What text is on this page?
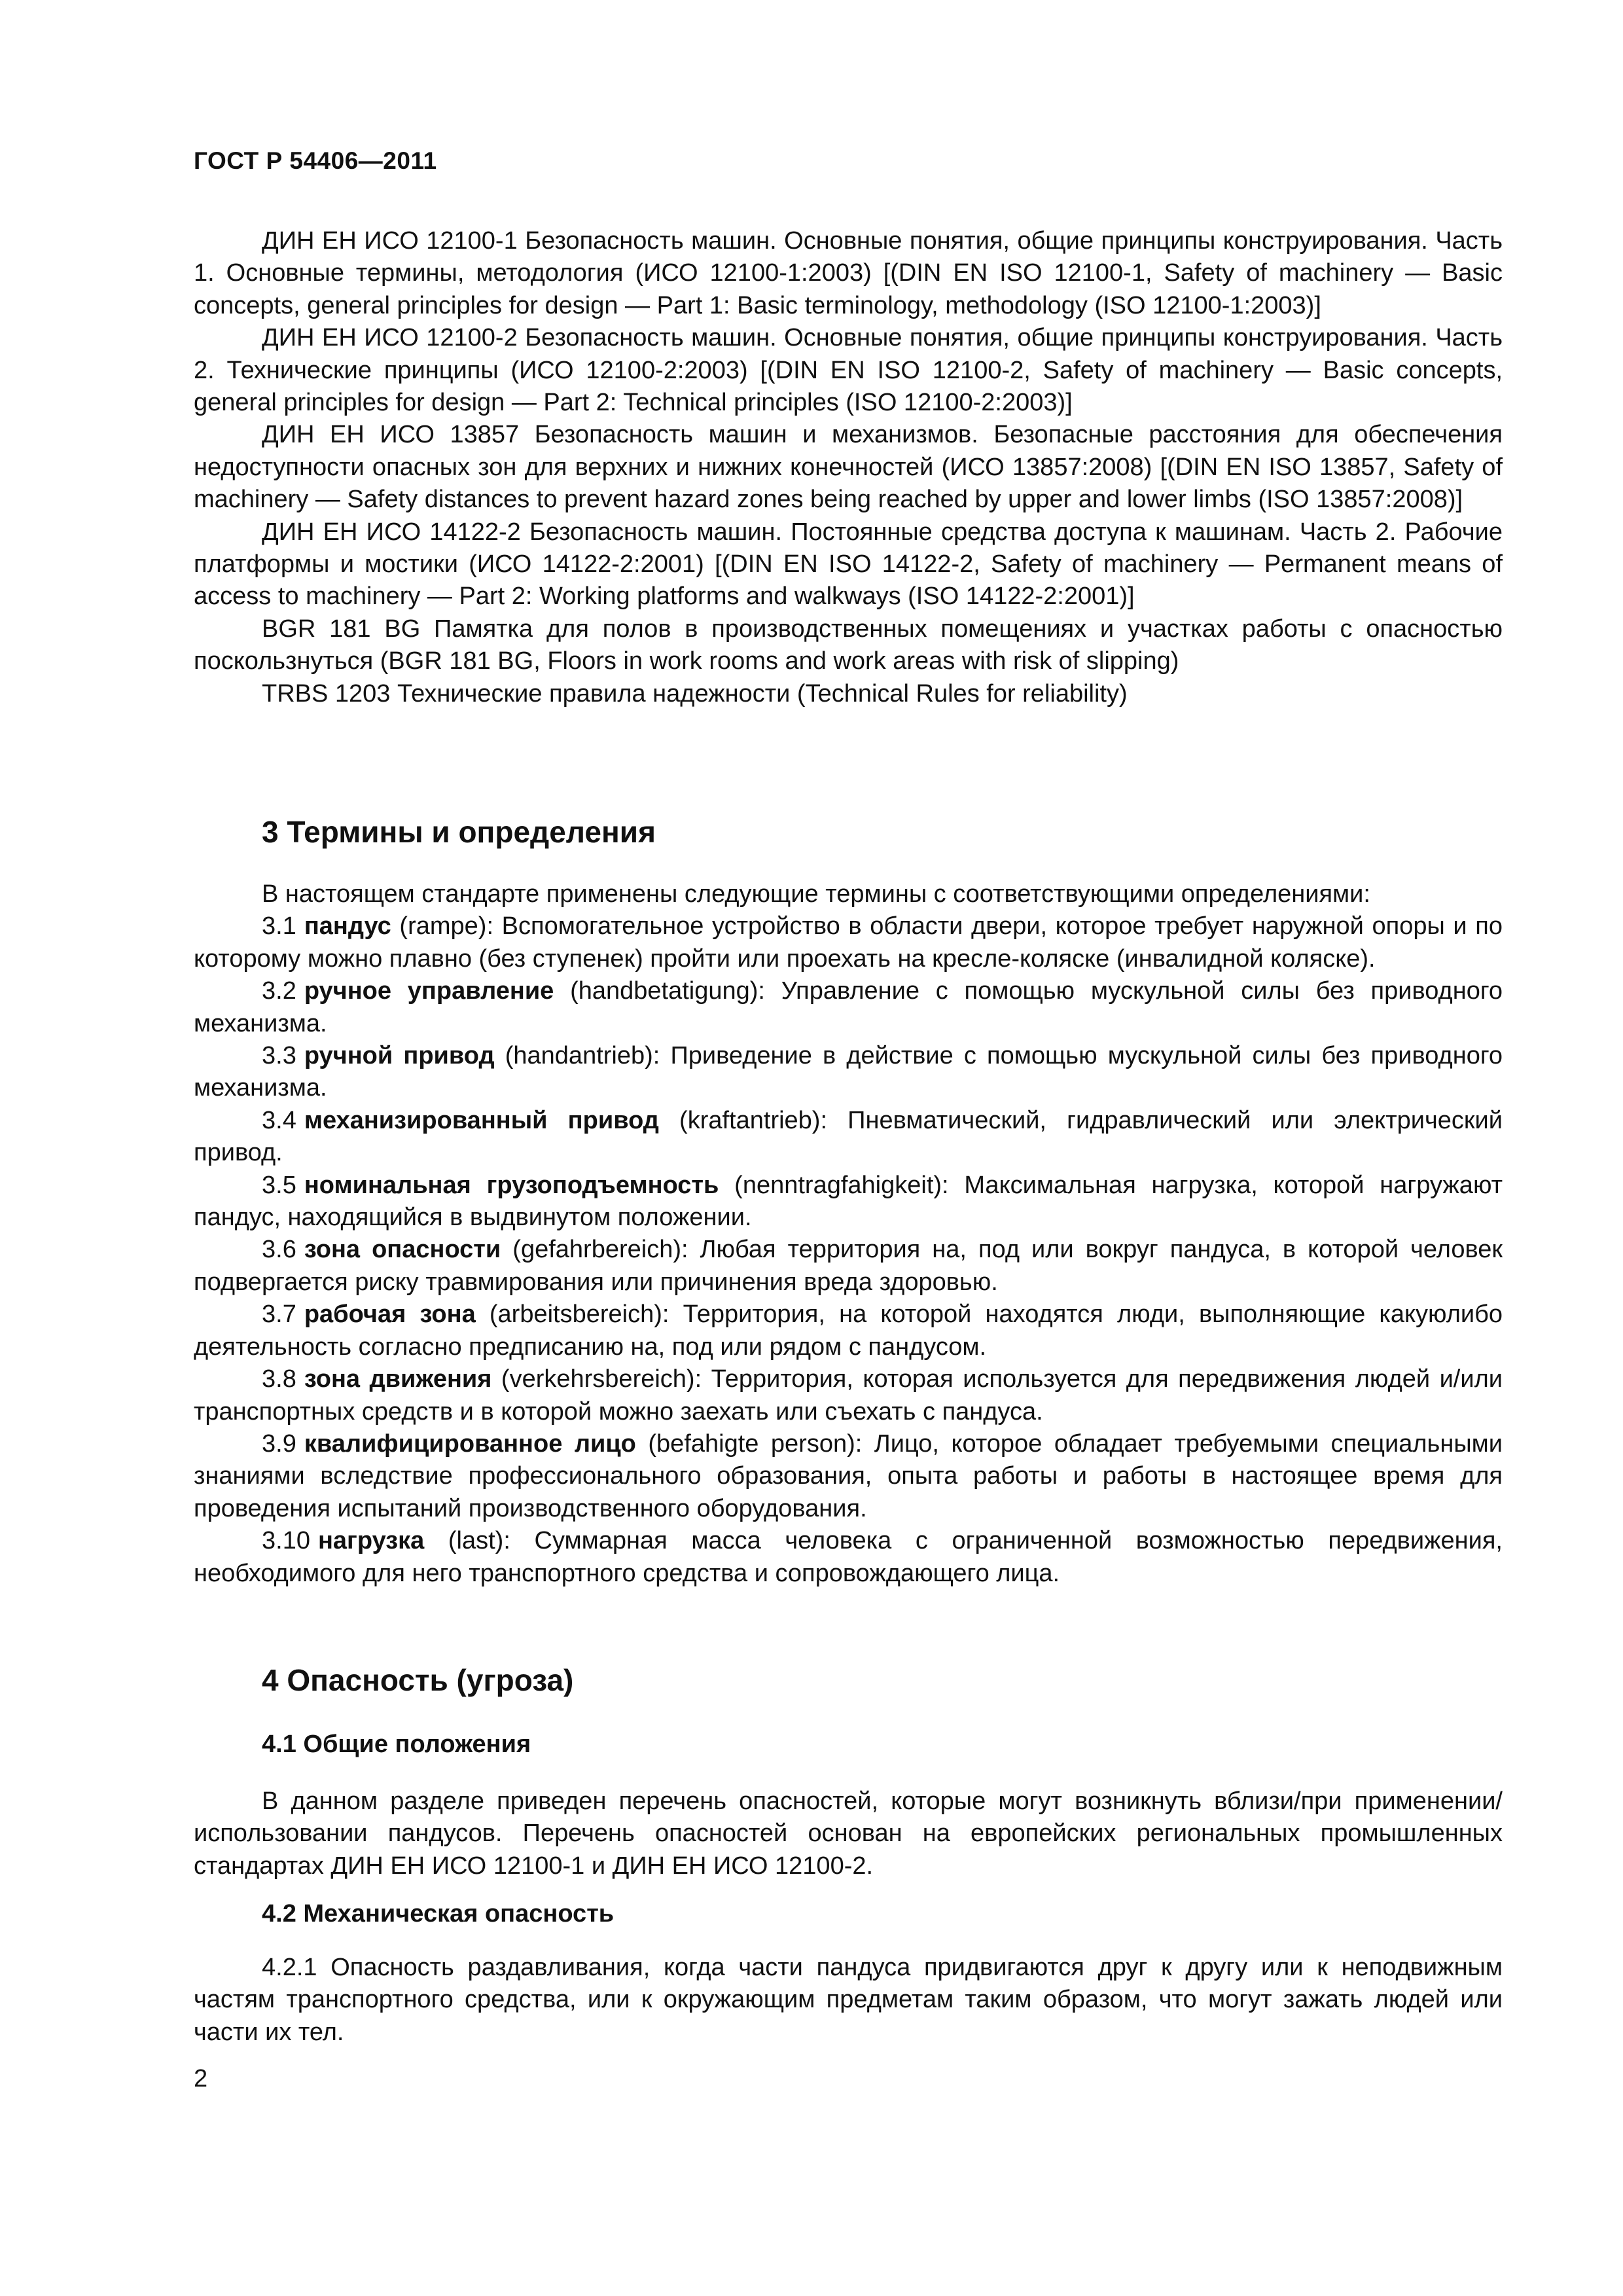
ГОСТ Р 54406—2011

ДИН ЕН ИСО 12100-1 Безопасность машин. Основные понятия, общие принципы конструирования. Часть 1. Основные термины, методология (ИСО 12100-1:2003) [(DIN EN ISO 12100-1, Safety of machinery — Basic concepts, general principles for design — Part 1: Basic terminology, methodology (ISO 12100-1:2003)]

ДИН ЕН ИСО 12100-2 Безопасность машин. Основные понятия, общие принципы конструирования. Часть 2. Технические принципы (ИСО 12100-2:2003) [(DIN EN ISO 12100-2, Safety of machinery — Basic concepts, general principles for design — Part 2: Technical principles (ISO 12100-2:2003)]

ДИН ЕН ИСО 13857 Безопасность машин и механизмов. Безопасные расстояния для обеспечения недоступности опасных зон для верхних и нижних конечностей (ИСО 13857:2008) [(DIN EN ISO 13857, Safety of machinery — Safety distances to prevent hazard zones being reached by upper and lower limbs (ISO 13857:2008)]

ДИН ЕН ИСО 14122-2 Безопасность машин. Постоянные средства доступа к машинам. Часть 2. Рабочие платформы и мостики (ИСО 14122-2:2001) [(DIN EN ISO 14122-2, Safety of machinery — Permanent means of access to machinery — Part 2: Working platforms and walkways (ISO 14122-2:2001)]

BGR 181 BG Памятка для полов в производственных помещениях и участках работы с опасностью поскользнуться (BGR 181 BG, Floors in work rooms and work areas with risk of slipping)

TRBS 1203 Технические правила надежности (Technical Rules for reliability)

3 Термины и определения

В настоящем стандарте применены следующие термины с соответствующими определениями:

3.1 пандус (rampe): Вспомогательное устройство в области двери, которое требует наружной опоры и по которому можно плавно (без ступенек) пройти или проехать на кресле-коляске (инвалидной коляске).

3.2 ручное управление (handbetatigung): Управление с помощью мускульной силы без приводного механизма.

3.3 ручной привод (handantrieb): Приведение в действие с помощью мускульной силы без приводного механизма.

3.4 механизированный привод (kraftantrieb): Пневматический, гидравлический или электрический привод.

3.5 номинальная грузоподъемность (nenntragfahigkeit): Максимальная нагрузка, которой нагружают пандус, находящийся в выдвинутом положении.

3.6 зона опасности (gefahrbereich): Любая территория на, под или вокруг пандуса, в которой человек подвергается риску травмирования или причинения вреда здоровью.

3.7 рабочая зона (arbeitsbereich): Территория, на которой находятся люди, выполняющие какуюлибо деятельность согласно предписанию на, под или рядом с пандусом.

3.8 зона движения (verkehrsbereich): Территория, которая используется для передвижения людей и/или транспортных средств и в которой можно заехать или съехать с пандуса.

3.9 квалифицированное лицо (befahigte person): Лицо, которое обладает требуемыми специальными знаниями вследствие профессионального образования, опыта работы и работы в настоящее время для проведения испытаний производственного оборудования.

3.10 нагрузка (last): Суммарная масса человека с ограниченной возможностью передвижения, необходимого для него транспортного средства и сопровождающего лица.

4 Опасность (угроза)
4.1 Общие положения

В данном разделе приведен перечень опасностей, которые могут возникнуть вблизи/при применении/использовании пандусов. Перечень опасностей основан на европейских региональных промышленных стандартах ДИН ЕН ИСО 12100-1 и ДИН ЕН ИСО 12100-2.

4.2 Механическая опасность

4.2.1 Опасность раздавливания, когда части пандуса придвигаются друг к другу или к неподвижным частям транспортного средства, или к окружающим предметам таким образом, что могут зажать людей или части их тел.

2
